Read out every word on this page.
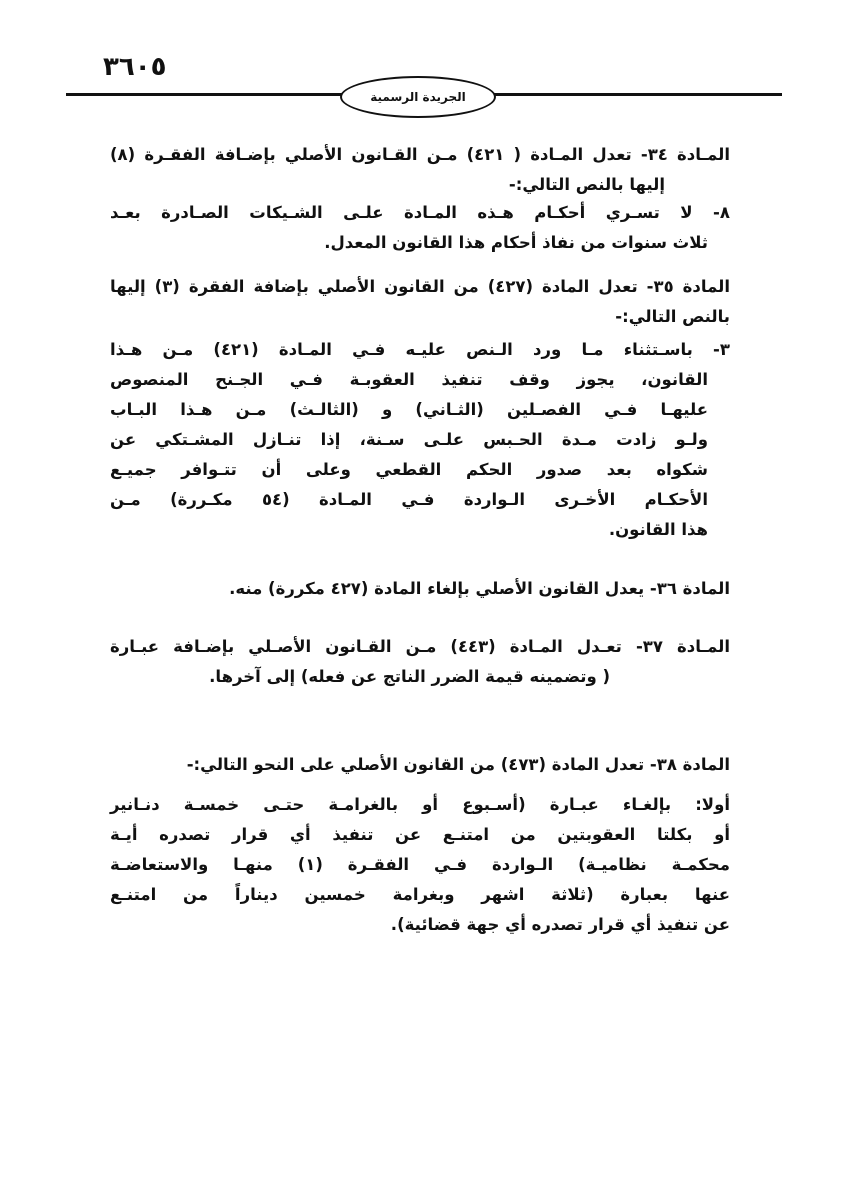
٣٦٠٥
الجريدة الرسمية
المـادة ٣٤- تعدل المـادة ( ٤٢١) مـن القـانون الأصلي بإضـافة الفقـرة (٨)
إليها بالنص التالي:-
٨- لا تسـري أحكـام هـذه المـادة علـى الشـيكات الصـادرة بعـد
ثلاث سنوات من نفاذ أحكام هذا القانون المعدل.
المادة ٣٥- تعدل المادة (٤٢٧) من القانون الأصلي بإضافة الفقرة (٣) إليها
بالنص التالي:-
٣- باسـتثناء مـا ورد الـنص عليـه فـي المـادة (٤٢١) مـن هـذا
القانون، يجوز وقف تنفيذ العقوبـة فـي الجـنح المنصوص
عليهـا فـي الفصـلين (الثـاني) و (الثالـث) مـن هـذا البـاب
ولـو زادت مـدة الحـبس علـى سـنة، إذا تنـازل المشـتكي عن
شكواه بعد صدور الحكم القطعي وعلى أن تتـوافر جميـع
الأحكـام الأخـرى الـواردة فـي المـادة (٥٤ مكـررة) مـن
هذا القانون.
المادة ٣٦- يعدل القانون الأصلي بإلغاء المادة (٤٢٧ مكررة) منه.
المـادة ٣٧- تعـدل المـادة (٤٤٣) مـن القـانون الأصـلي بإضـافة عبـارة
( وتضمينه قيمة الضرر الناتج عن فعله) إلى آخرها.
المادة ٣٨- تعدل المادة (٤٧٣) من القانون الأصلي على النحو التالي:-
أولا: بإلغـاء عبـارة (أسـبوع أو بالغرامـة حتـى خمسـة دنـانير
أو بكلتا العقوبتين من امتنـع عن تنفيذ أي قرار تصدره أيـة
محكمـة نظاميـة) الـواردة فـي الفقـرة (١) منهـا والاستعاضـة
عنها بعبارة (ثلاثة اشهر وبغرامة خمسين ديناراً من امتنـع
عن تنفيذ أي قرار تصدره أي جهة قضائية).
